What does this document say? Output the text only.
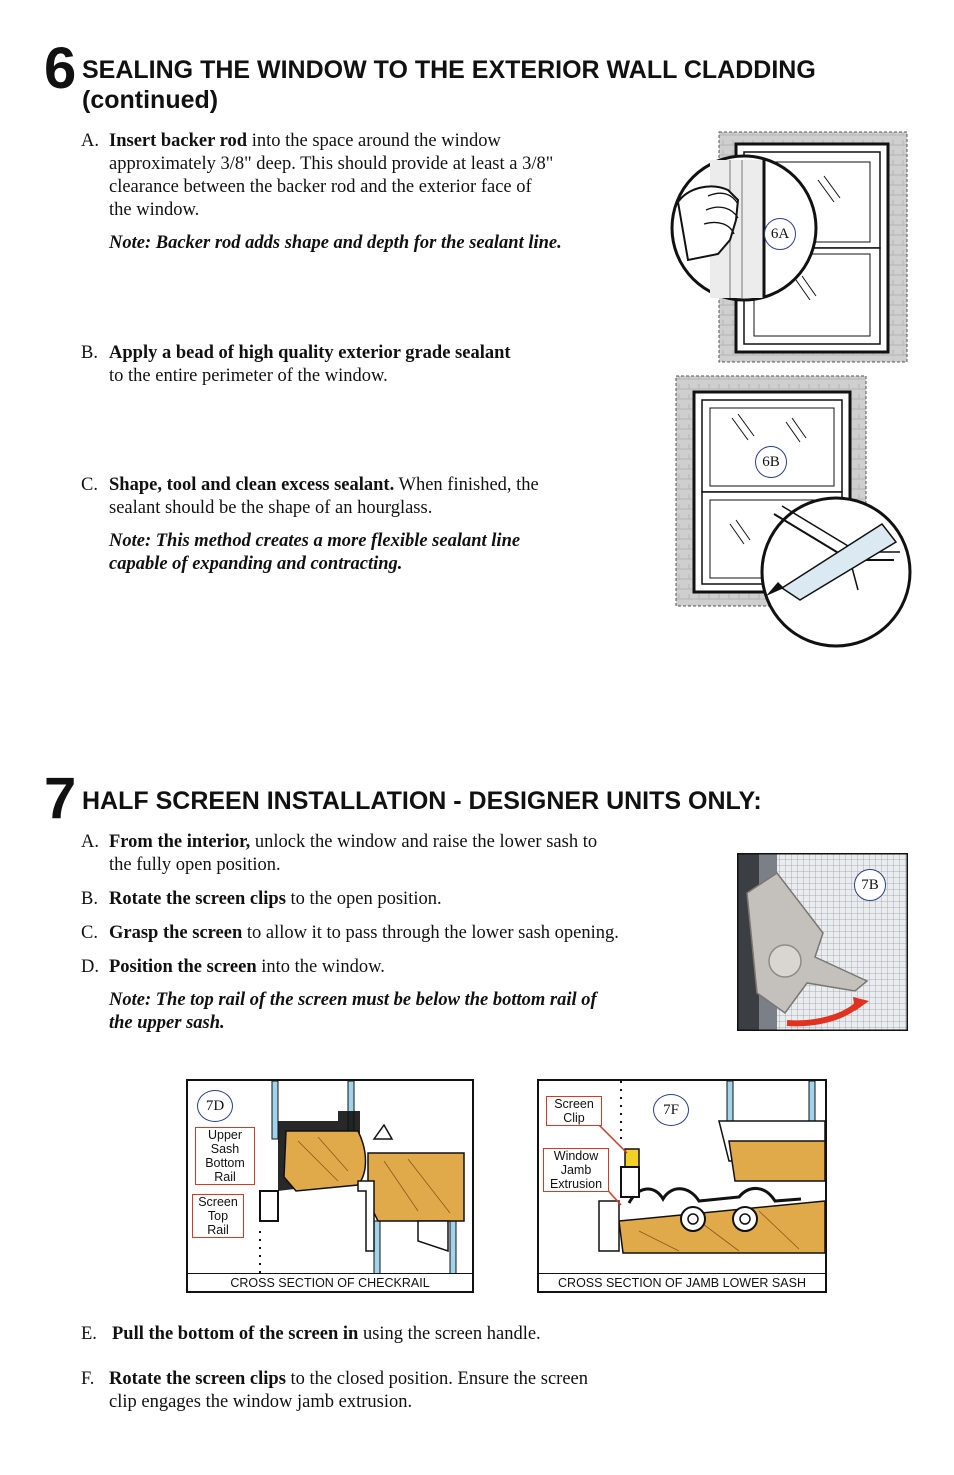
6 SEALING THE WINDOW TO THE EXTERIOR WALL CLADDING
(continued)
A. Insert backer rod into the space around the window
approximately 3/8" deep. This should provide at least a 3/8"
clearance between the backer rod and the exterior face of
the window.
Note: Backer rod adds shape and depth for the sealant line.
B. Apply a bead of high quality exterior grade sealant
to the entire perimeter of the window.
C. Shape, tool and clean excess sealant. When finished, the
sealant should be the shape of an hourglass.
Note: This method creates a more flexible sealant line
capable of expanding and contracting.
6A
6B
7 HALF SCREEN INSTALLATION - DESIGNER UNITS ONLY:
A. From the interior, unlock the window and raise the lower sash to
the fully open position.
B. Rotate the screen clips to the open position.
C. Grasp the screen to allow it to pass through the lower sash opening.
D. Position the screen into the window.
Note: The top rail of the screen must be below the bottom rail of
the upper sash.
7B
7D
Upper
Sash
Bottom
Rail
Screen
Top
Rail
CROSS SECTION OF CHECKRAIL
7F
Screen
Clip
Window
Jamb
Extrusion
CROSS SECTION OF JAMB LOWER SASH
E. Pull the bottom of the screen in using the screen handle.
F. Rotate the screen clips to the closed position. Ensure the screen
clip engages the window jamb extrusion.
